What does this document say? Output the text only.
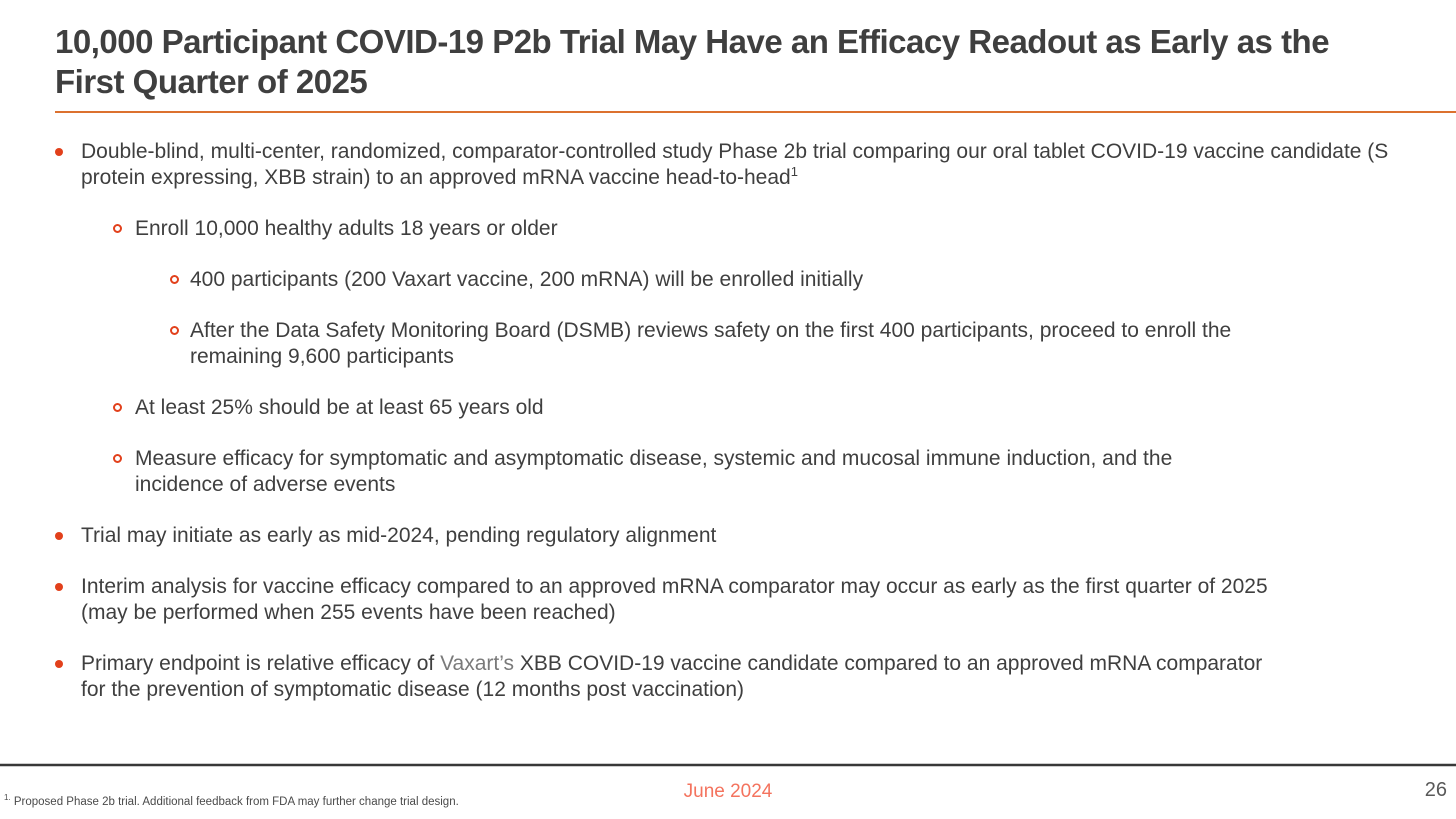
10,000 Participant COVID-19 P2b Trial May Have an Efficacy Readout as Early as the First Quarter of 2025

Double-blind, multi-center, randomized, comparator-controlled study Phase 2b trial comparing our oral tablet COVID-19 vaccine candidate (S protein expressing, XBB strain) to an approved mRNA vaccine head-to-head$^1$

Enroll 10,000 healthy adults 18 years or older

400 participants (200 Vaxart vaccine, 200 mRNA) will be enrolled initially

After the Data Safety Monitoring Board (DSMB) reviews safety on the first 400 participants, proceed to enroll the remaining 9,600 participants

At least 25% should be at least 65 years old

Measure efficacy for symptomatic and asymptomatic disease, systemic and mucosal immune induction, and the incidence of adverse events

Trial may initiate as early as mid-2024, pending regulatory alignment

Interim analysis for vaccine efficacy compared to an approved mRNA comparator may occur as early as the first quarter of 2025 (may be performed when 255 events have been reached)

Primary endpoint is relative efficacy of Vaxart’s XBB COVID-19 vaccine candidate compared to an approved mRNA comparator for the prevention of symptomatic disease (12 months post vaccination)

$^{1.}$ Proposed Phase 2b trial. Additional feedback from FDA may further change trial design.	June 2024	26
